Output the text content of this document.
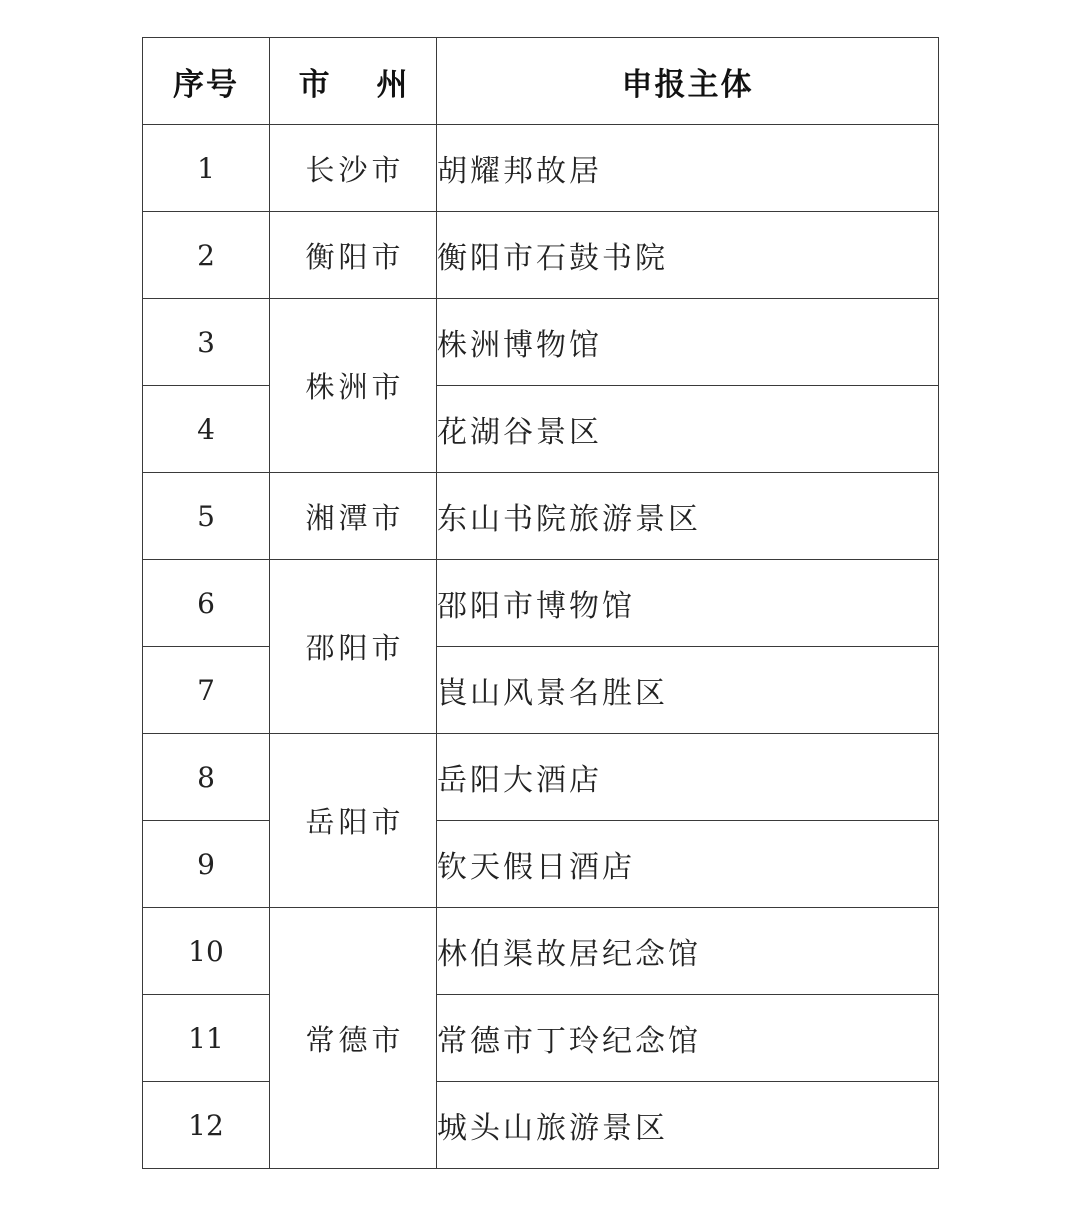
序号	市 州	申报主体
1	长沙市	胡耀邦故居
2	衡阳市	衡阳市石鼓书院
3	株洲市	株洲博物馆
4		花湖谷景区
5	湘潭市	东山书院旅游景区
6	邵阳市	邵阳市博物馆
7		崀山风景名胜区
8	岳阳市	岳阳大酒店
9		钦天假日酒店
10	常德市	林伯渠故居纪念馆
11		常德市丁玲纪念馆
12		城头山旅游景区
